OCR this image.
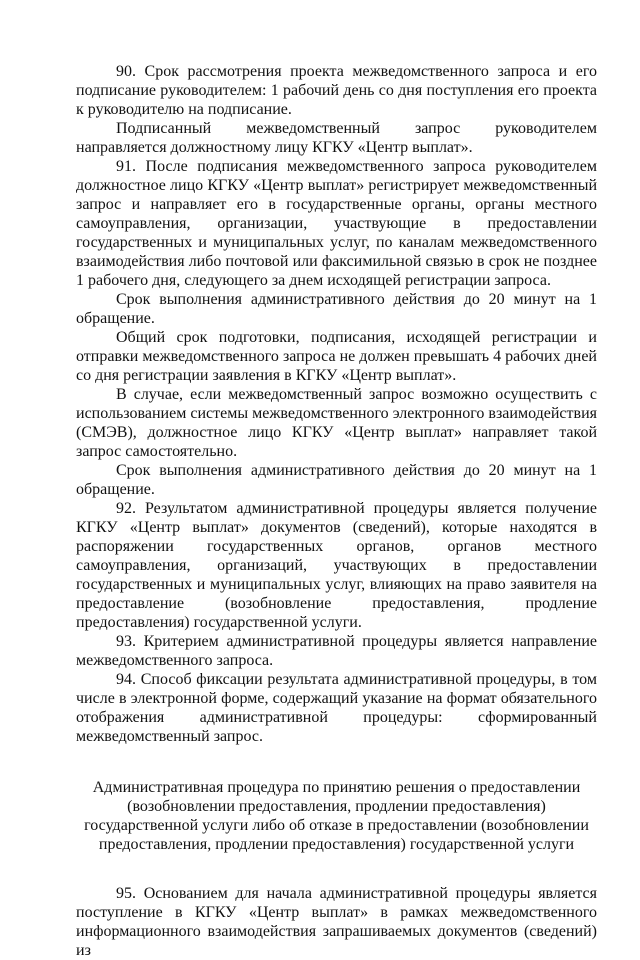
90. Срок рассмотрения проекта межведомственного запроса и его подписание руководителем: 1 рабочий день со дня поступления его проекта к руководителю на подписание.

Подписанный межведомственный запрос руководителем направляется должностному лицу КГКУ «Центр выплат».

91. После подписания межведомственного запроса руководителем должностное лицо КГКУ «Центр выплат» регистрирует межведомственный запрос и направляет его в государственные органы, органы местного самоуправления, организации, участвующие в предоставлении государственных и муниципальных услуг, по каналам межведомственного взаимодействия либо почтовой или факсимильной связью в срок не позднее 1 рабочего дня, следующего за днем исходящей регистрации запроса.

Срок выполнения административного действия до 20 минут на 1 обращение.

Общий срок подготовки, подписания, исходящей регистрации и отправки межведомственного запроса не должен превышать 4 рабочих дней со дня регистрации заявления в КГКУ «Центр выплат».

В случае, если межведомственный запрос возможно осуществить с использованием системы межведомственного электронного взаимодействия (СМЭВ), должностное лицо КГКУ «Центр выплат» направляет такой запрос самостоятельно.

Срок выполнения административного действия до 20 минут на 1 обращение.

92. Результатом административной процедуры является получение КГКУ «Центр выплат» документов (сведений), которые находятся в распоряжении государственных органов, органов местного самоуправления, организаций, участвующих в предоставлении государственных и муниципальных услуг, влияющих на право заявителя на предоставление (возобновление предоставления, продление предоставления) государственной услуги.

93. Критерием административной процедуры является направление межведомственного запроса.

94. Способ фиксации результата административной процедуры, в том числе в электронной форме, содержащий указание на формат обязательного отображения административной процедуры: сформированный межведомственный запрос.

Административная процедура по принятию решения о предоставлении (возобновлении предоставления, продлении предоставления) государственной услуги либо об отказе в предоставлении (возобновлении предоставления, продлении предоставления) государственной услуги

95. Основанием для начала административной процедуры является поступление в КГКУ «Центр выплат» в рамках межведомственного информационного взаимодействия запрашиваемых документов (сведений) из
